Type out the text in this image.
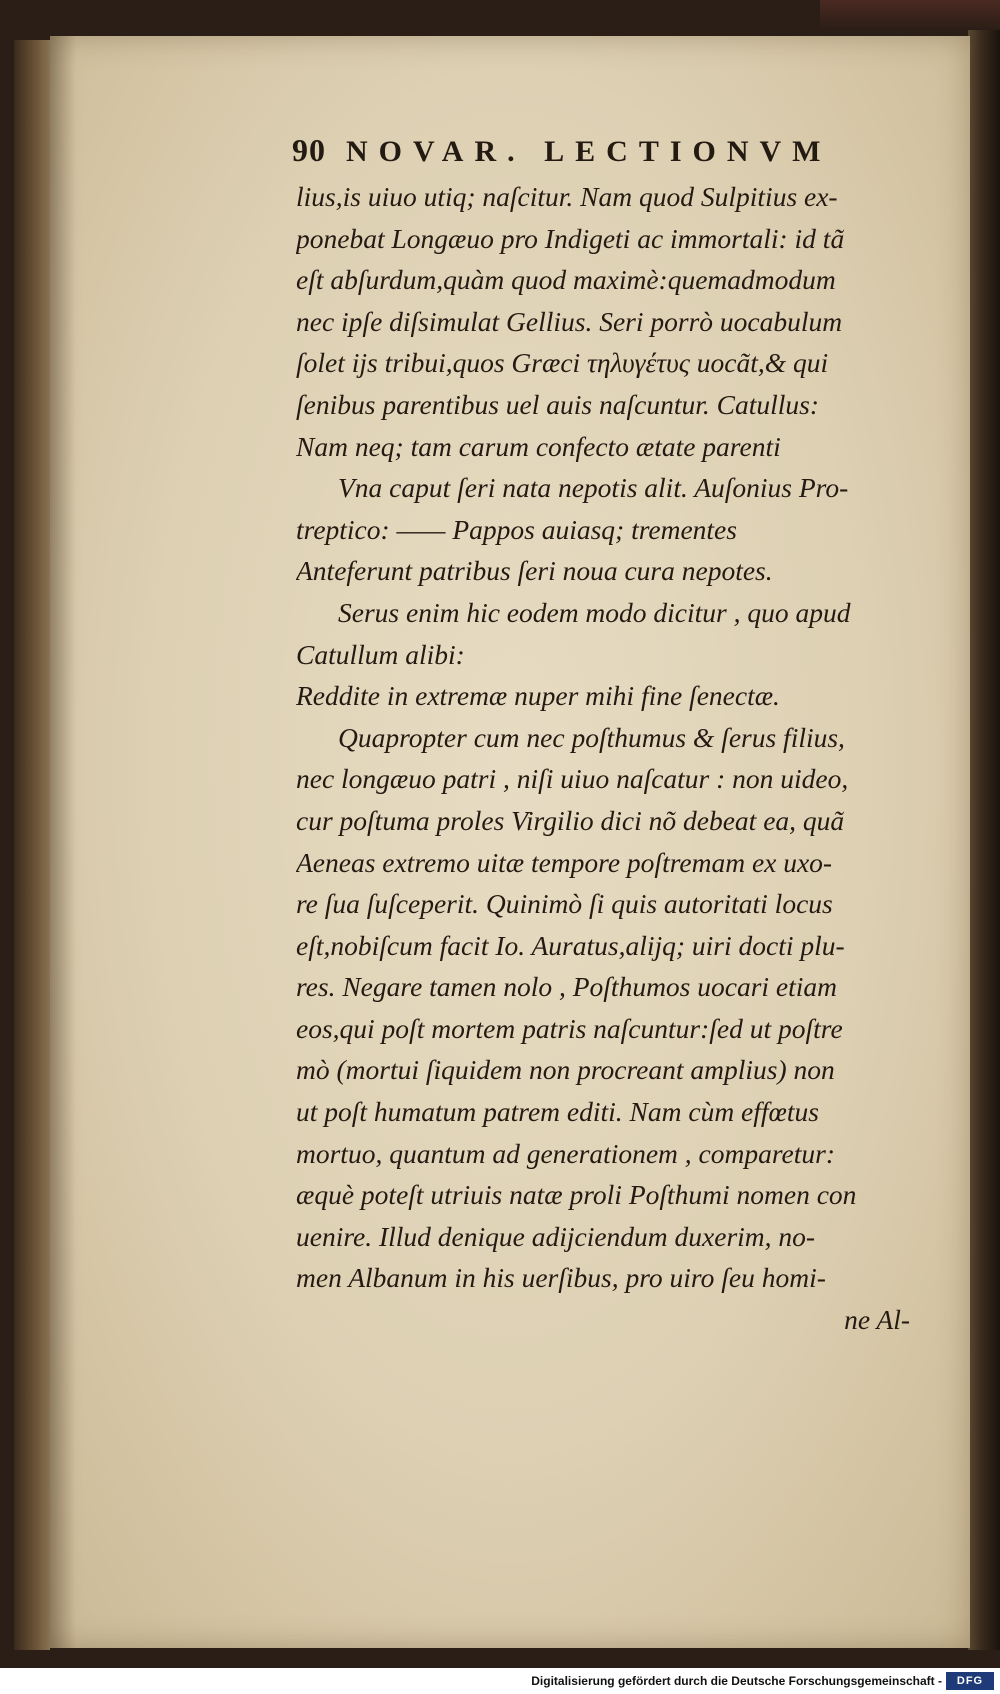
90 NOVAR. LECTIONVM
lius,is uiuo utiq; naſcitur. Nam quod Sulpitius ex-
ponebat Longæuo pro Indigeti ac immortali: id tã
eſt abſurdum,quàm quod maximè:quemadmodum
nec ipſe diſsimulat Gellius. Seri porrò uocabulum
ſolet ijs tribui,quos Græci τηλυγέτυς uocãt,& qui
ſenibus parentibus uel auis naſcuntur. Catullus:
Nam neq; tam carum confecto ætate parenti
Vna caput ſeri nata nepotis alit. Auſonius Pro-
treptico: —— Pappos auiasq; trementes
Anteferunt patribus ſeri noua cura nepotes.
Serus enim hic eodem modo dicitur , quo apud
Catullum alibi:
Reddite in extremæ nuper mihi fine ſenectæ.
Quapropter cum nec poſthumus & ſerus filius,
nec longæuo patri , niſi uiuo naſcatur : non uideo,
cur poſtuma proles Virgilio dici nõ debeat ea, quã
Aeneas extremo uitæ tempore poſtremam ex uxo-
re ſua ſuſceperit. Quinimò ſi quis autoritati locus
eſt,nobiſcum facit Io. Auratus,alijq; uiri docti plu-
res. Negare tamen nolo , Poſthumos uocari etiam
eos,qui poſt mortem patris naſcuntur:ſed ut poſtre
mò (mortui ſiquidem non procreant amplius) non
ut poſt humatum patrem editi. Nam cùm effœtus
mortuo, quantum ad generationem , comparetur:
æquè poteſt utriuis natæ proli Poſthumi nomen con
uenire. Illud denique adijciendum duxerim, no-
men Albanum in his uerſibus, pro uiro ſeu homi-
ne Al-
Digitalisierung gefördert durch die Deutsche Forschungsgemeinschaft -	DFG
